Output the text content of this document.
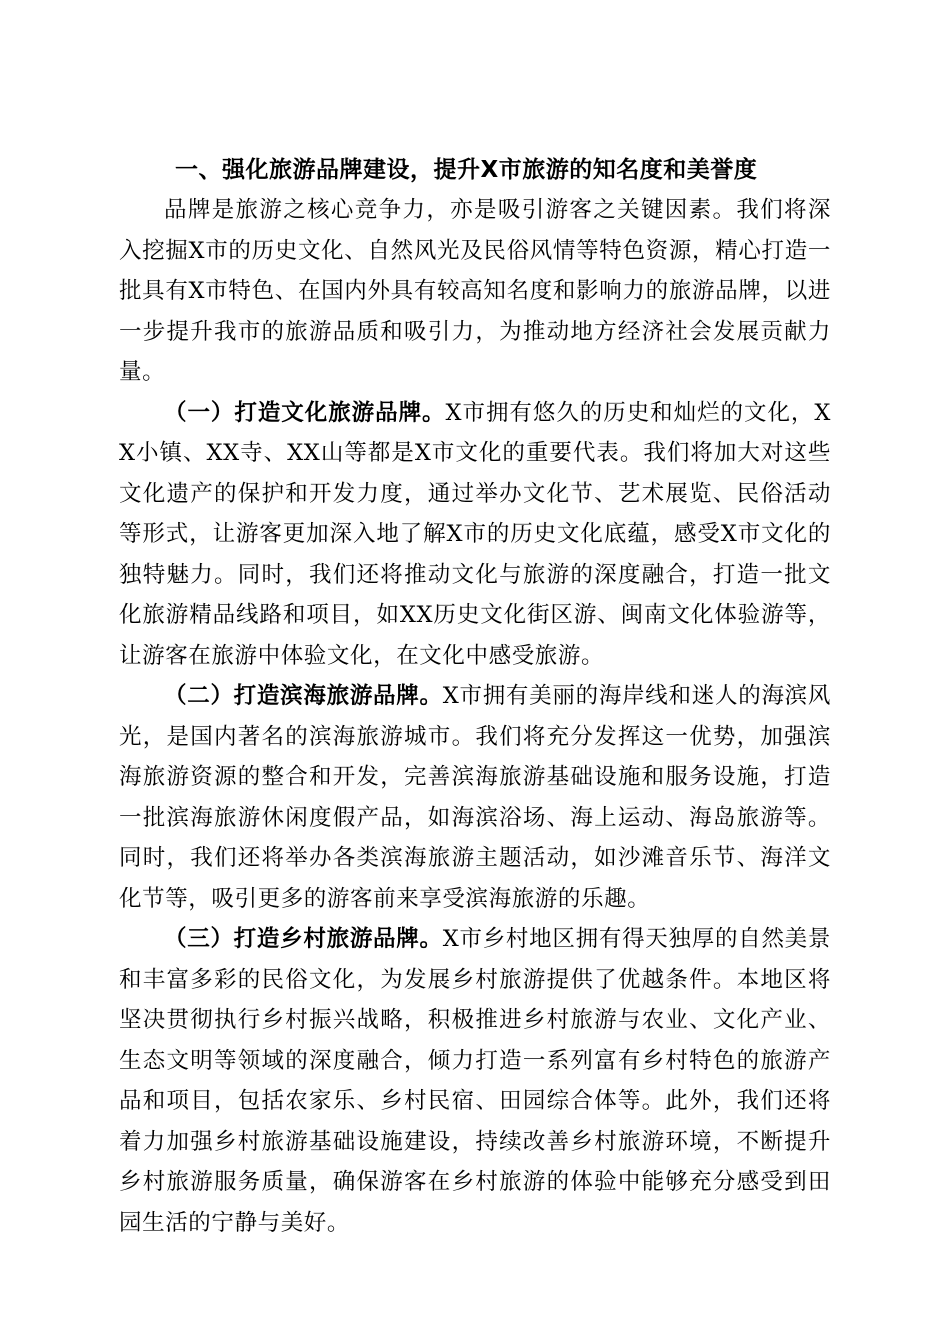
一、强化旅游品牌建设，提升X市旅游的知名度和美誉度

品牌是旅游之核心竞争力，亦是吸引游客之关键因素。我们将深入挖掘X市的历史文化、自然风光及民俗风情等特色资源，精心打造一批具有X市特色、在国内外具有较高知名度和影响力的旅游品牌，以进一步提升我市的旅游品质和吸引力，为推动地方经济社会发展贡献力量。

（一）打造文化旅游品牌。X市拥有悠久的历史和灿烂的文化，XX小镇、XX寺、XX山等都是X市文化的重要代表。我们将加大对这些文化遗产的保护和开发力度，通过举办文化节、艺术展览、民俗活动等形式，让游客更加深入地了解X市的历史文化底蕴，感受X市文化的独特魅力。同时，我们还将推动文化与旅游的深度融合，打造一批文化旅游精品线路和项目，如XX历史文化街区游、闽南文化体验游等，让游客在旅游中体验文化，在文化中感受旅游。

（二）打造滨海旅游品牌。X市拥有美丽的海岸线和迷人的海滨风光，是国内著名的滨海旅游城市。我们将充分发挥这一优势，加强滨海旅游资源的整合和开发，完善滨海旅游基础设施和服务设施，打造一批滨海旅游休闲度假产品，如海滨浴场、海上运动、海岛旅游等。同时，我们还将举办各类滨海旅游主题活动，如沙滩音乐节、海洋文化节等，吸引更多的游客前来享受滨海旅游的乐趣。

（三）打造乡村旅游品牌。X市乡村地区拥有得天独厚的自然美景和丰富多彩的民俗文化，为发展乡村旅游提供了优越条件。本地区将坚决贯彻执行乡村振兴战略，积极推进乡村旅游与农业、文化产业、生态文明等领域的深度融合，倾力打造一系列富有乡村特色的旅游产品和项目，包括农家乐、乡村民宿、田园综合体等。此外，我们还将着力加强乡村旅游基础设施建设，持续改善乡村旅游环境，不断提升乡村旅游服务质量，确保游客在乡村旅游的体验中能够充分感受到田园生活的宁静与美好。
